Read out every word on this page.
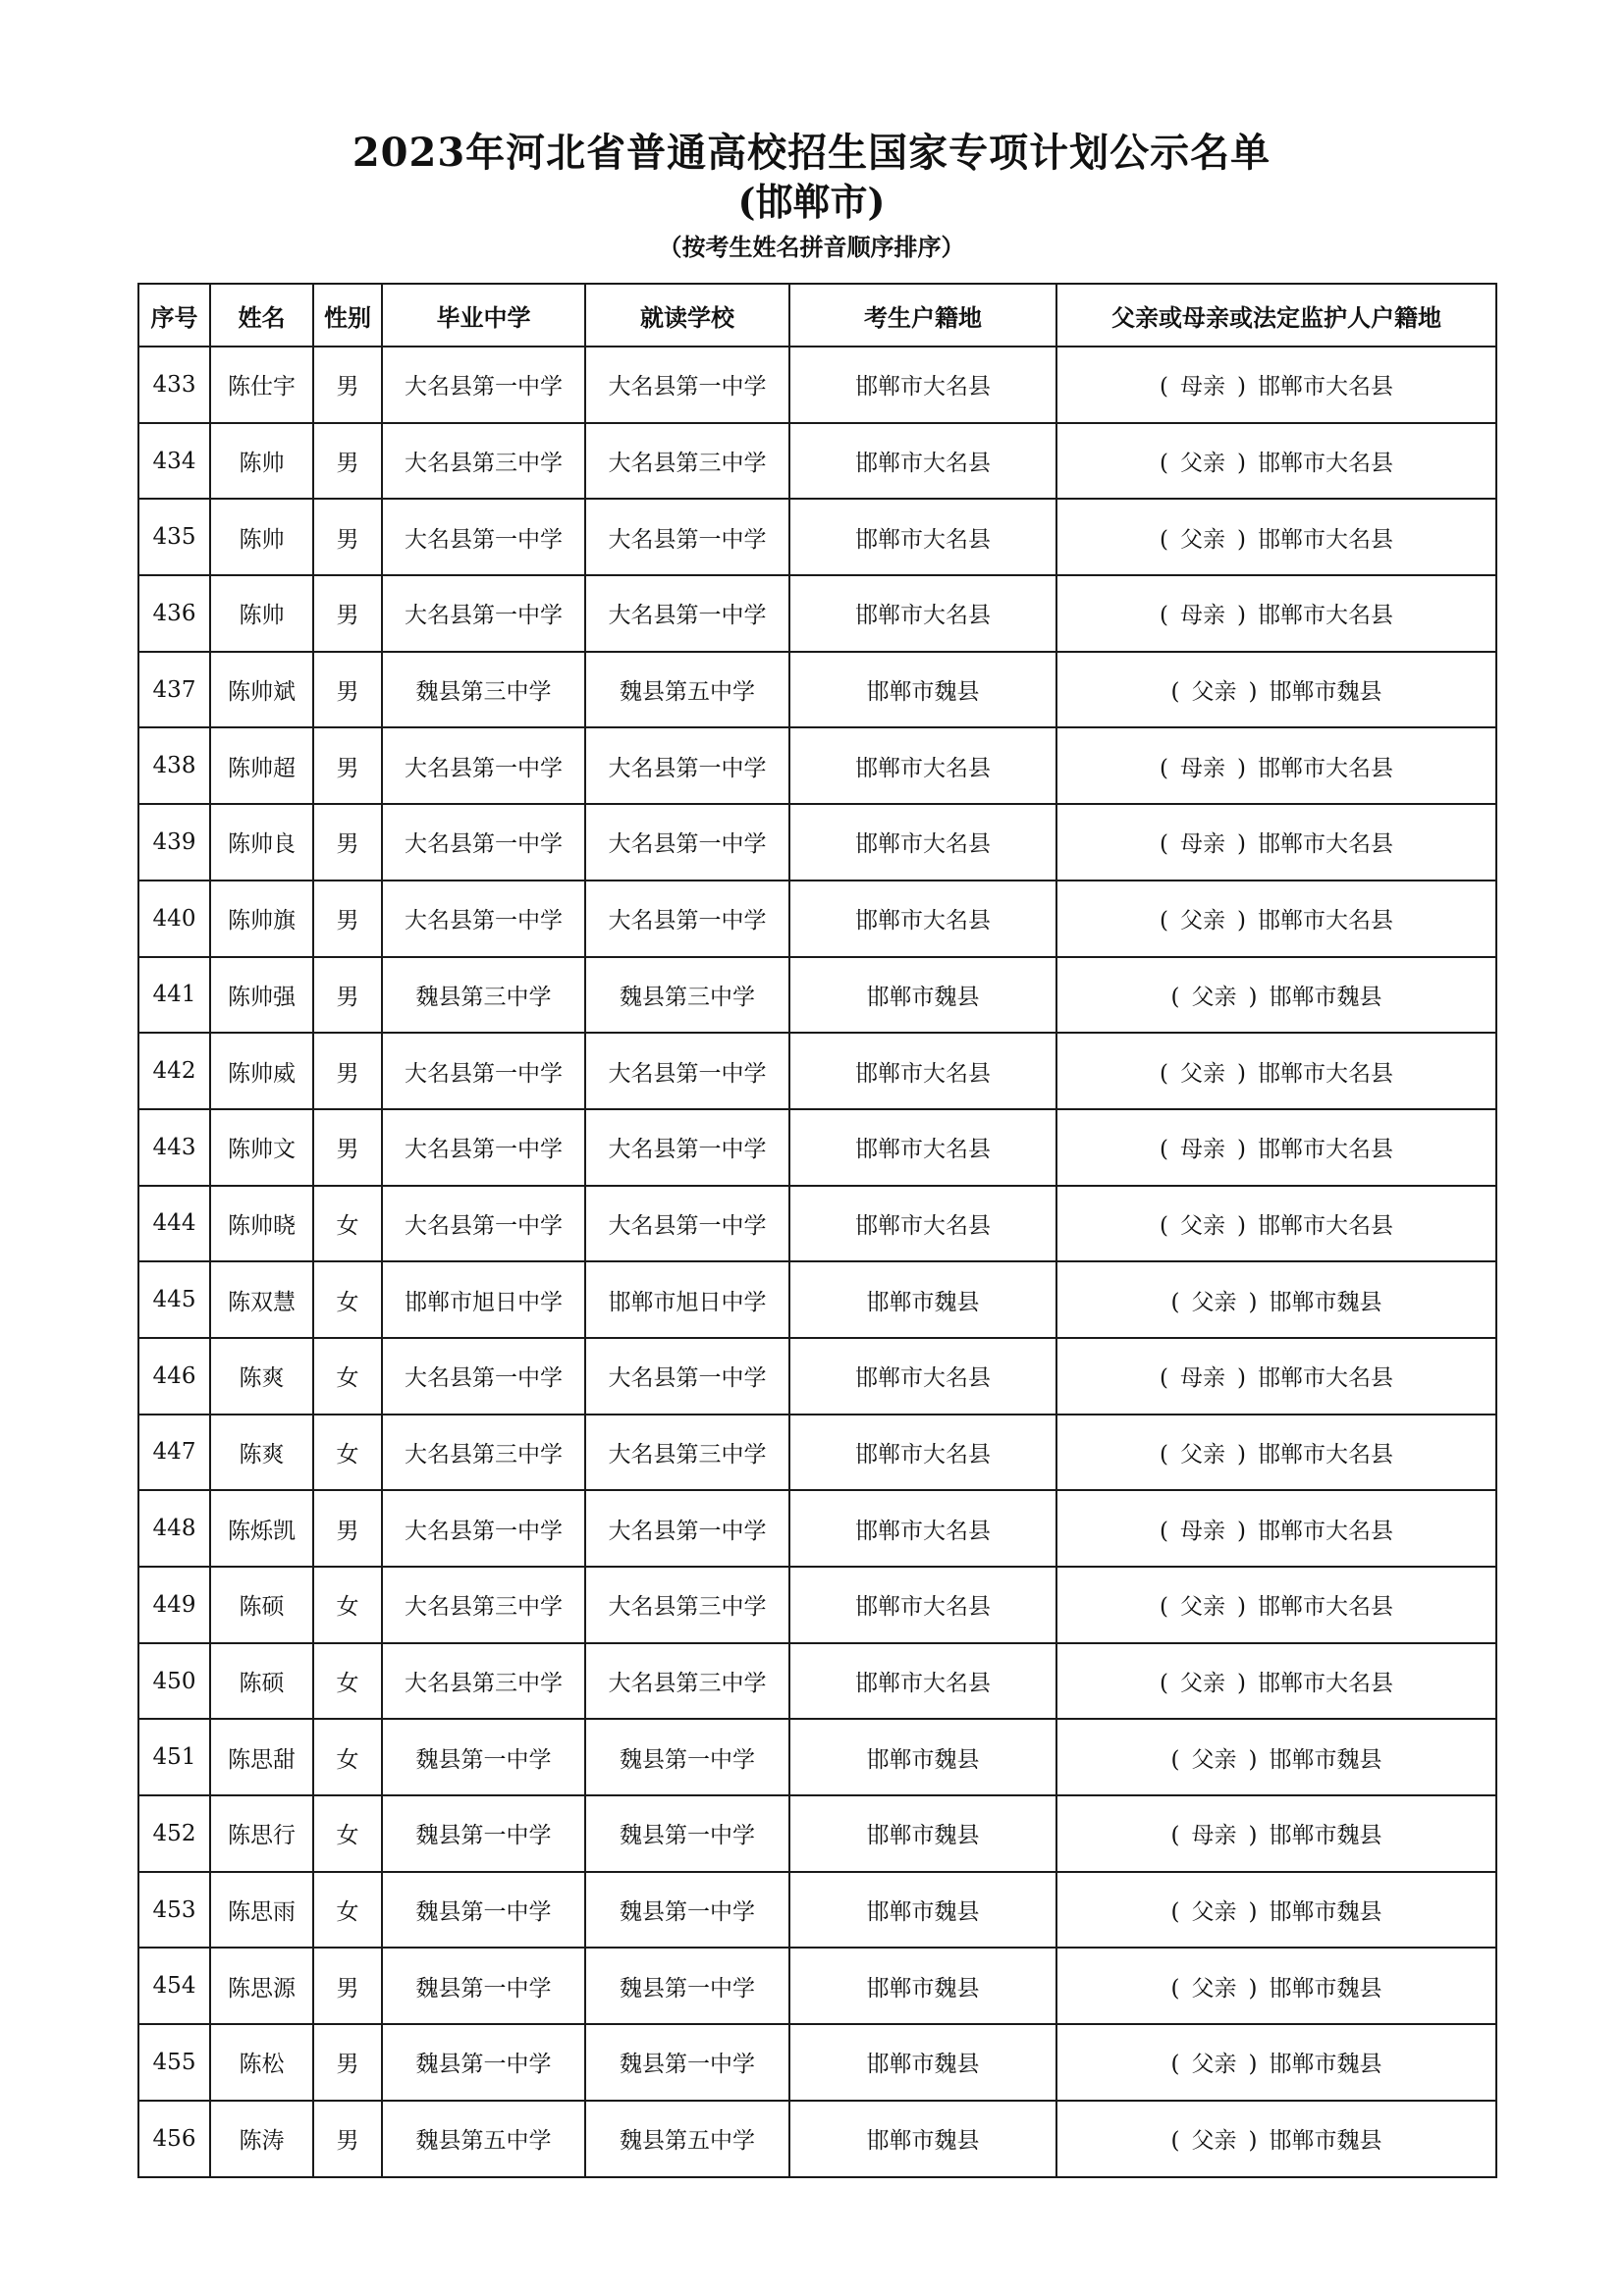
2023年河北省普通高校招生国家专项计划公示名单
(邯郸市)
（按考生姓名拼音顺序排序）
序号	姓名	性别	毕业中学	就读学校	考生户籍地	父亲或母亲或法定监护人户籍地
433	陈仕宇	男	大名县第一中学	大名县第一中学	邯郸市大名县	( 母亲 ) 邯郸市大名县
434	陈帅	男	大名县第三中学	大名县第三中学	邯郸市大名县	( 父亲 ) 邯郸市大名县
435	陈帅	男	大名县第一中学	大名县第一中学	邯郸市大名县	( 父亲 ) 邯郸市大名县
436	陈帅	男	大名县第一中学	大名县第一中学	邯郸市大名县	( 母亲 ) 邯郸市大名县
437	陈帅斌	男	魏县第三中学	魏县第五中学	邯郸市魏县	( 父亲 ) 邯郸市魏县
438	陈帅超	男	大名县第一中学	大名县第一中学	邯郸市大名县	( 母亲 ) 邯郸市大名县
439	陈帅良	男	大名县第一中学	大名县第一中学	邯郸市大名县	( 母亲 ) 邯郸市大名县
440	陈帅旗	男	大名县第一中学	大名县第一中学	邯郸市大名县	( 父亲 ) 邯郸市大名县
441	陈帅强	男	魏县第三中学	魏县第三中学	邯郸市魏县	( 父亲 ) 邯郸市魏县
442	陈帅威	男	大名县第一中学	大名县第一中学	邯郸市大名县	( 父亲 ) 邯郸市大名县
443	陈帅文	男	大名县第一中学	大名县第一中学	邯郸市大名县	( 母亲 ) 邯郸市大名县
444	陈帅晓	女	大名县第一中学	大名县第一中学	邯郸市大名县	( 父亲 ) 邯郸市大名县
445	陈双慧	女	邯郸市旭日中学	邯郸市旭日中学	邯郸市魏县	( 父亲 ) 邯郸市魏县
446	陈爽	女	大名县第一中学	大名县第一中学	邯郸市大名县	( 母亲 ) 邯郸市大名县
447	陈爽	女	大名县第三中学	大名县第三中学	邯郸市大名县	( 父亲 ) 邯郸市大名县
448	陈烁凯	男	大名县第一中学	大名县第一中学	邯郸市大名县	( 母亲 ) 邯郸市大名县
449	陈硕	女	大名县第三中学	大名县第三中学	邯郸市大名县	( 父亲 ) 邯郸市大名县
450	陈硕	女	大名县第三中学	大名县第三中学	邯郸市大名县	( 父亲 ) 邯郸市大名县
451	陈思甜	女	魏县第一中学	魏县第一中学	邯郸市魏县	( 父亲 ) 邯郸市魏县
452	陈思行	女	魏县第一中学	魏县第一中学	邯郸市魏县	( 母亲 ) 邯郸市魏县
453	陈思雨	女	魏县第一中学	魏县第一中学	邯郸市魏县	( 父亲 ) 邯郸市魏县
454	陈思源	男	魏县第一中学	魏县第一中学	邯郸市魏县	( 父亲 ) 邯郸市魏县
455	陈松	男	魏县第一中学	魏县第一中学	邯郸市魏县	( 父亲 ) 邯郸市魏县
456	陈涛	男	魏县第五中学	魏县第五中学	邯郸市魏县	( 父亲 ) 邯郸市魏县
